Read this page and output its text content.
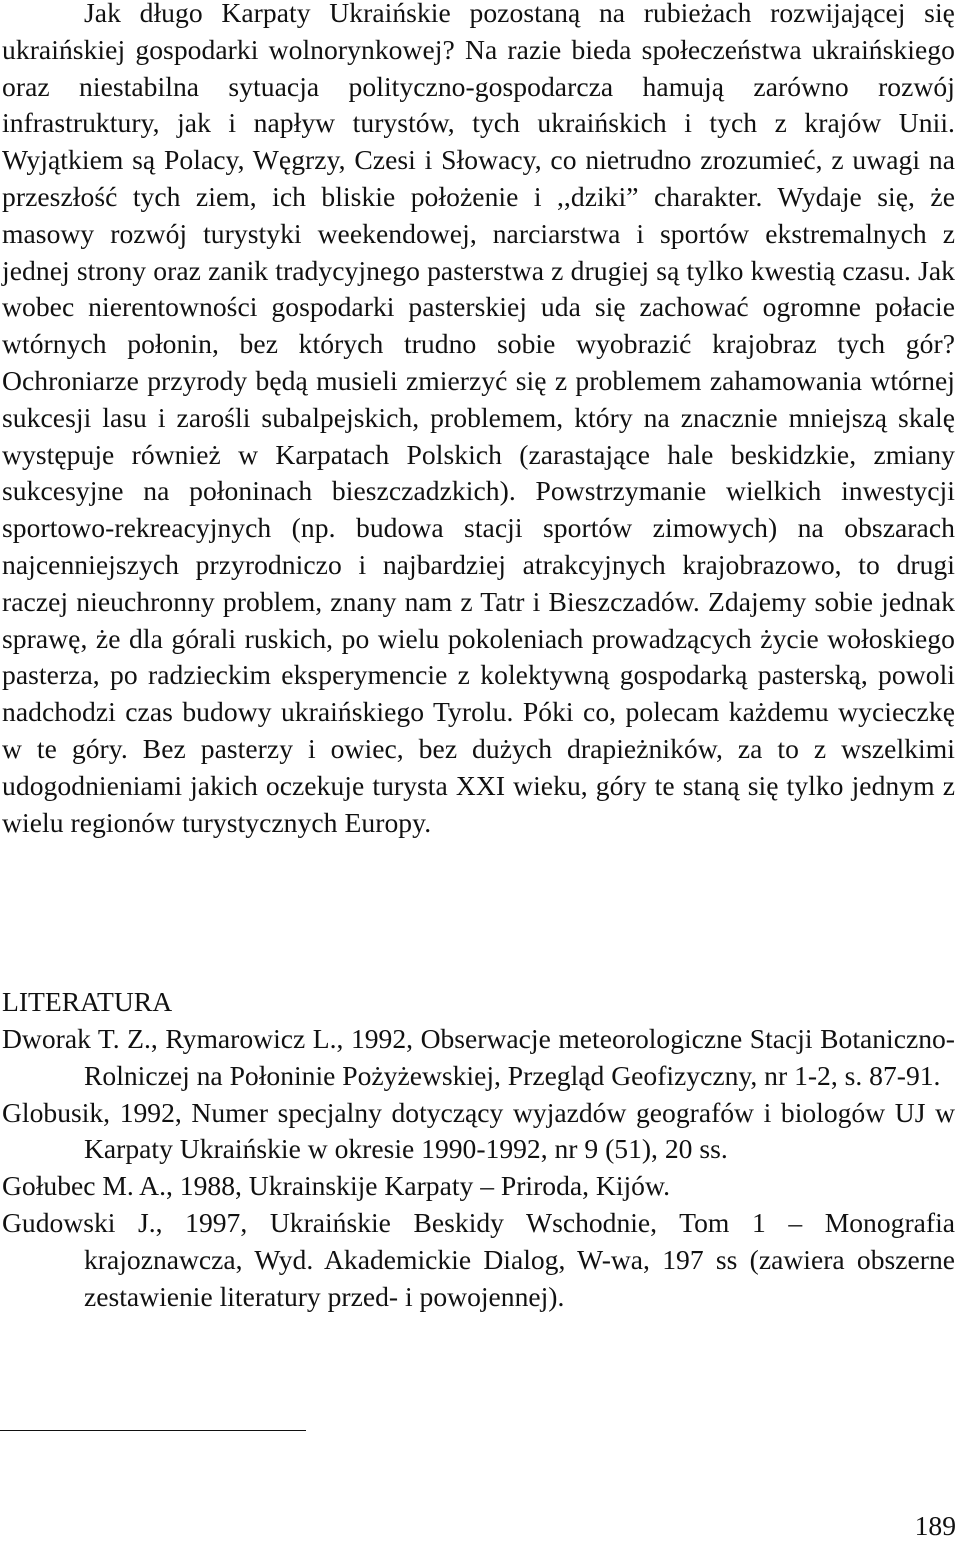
Jak długo Karpaty Ukraińskie pozostaną na rubieżach rozwijającej się ukraińskiej gospodarki wolnorynkowej? Na razie bieda społeczeństwa ukraińskiego oraz niestabilna sytuacja polityczno-gospodarcza hamują zarówno rozwój infrastruktury, jak i napływ turystów, tych ukraińskich i tych z krajów Unii. Wyjątkiem są Polacy, Węgrzy, Czesi i Słowacy, co nietrudno zrozumieć, z uwagi na przeszłość tych ziem, ich bliskie położenie i ,,dziki” charakter. Wydaje się, że masowy rozwój turystyki weekendowej, narciarstwa i sportów ekstremalnych z jednej strony oraz zanik tradycyjnego pasterstwa z drugiej są tylko kwestią czasu. Jak wobec nierentowności gospodarki pasterskiej uda się zachować ogromne połacie wtórnych połonin, bez których trudno sobie wyobrazić krajobraz tych gór? Ochroniarze przyrody będą musieli zmierzyć się z problemem zahamowania wtórnej sukcesji lasu i zarośli subalpejskich, problemem, który na znacznie mniejszą skalę występuje również w Karpatach Polskich (zarastające hale beskidzkie, zmiany sukcesyjne na połoninach bieszczadzkich). Powstrzymanie wielkich inwestycji sportowo-rekreacyjnych (np. budowa stacji sportów zimowych) na obszarach najcenniejszych przyrodniczo i najbardziej atrakcyjnych krajobrazowo, to drugi raczej nieuchronny problem, znany nam z Tatr i Bieszczadów. Zdajemy sobie jednak sprawę, że dla górali ruskich, po wielu pokoleniach prowadzących życie wołoskiego pasterza, po radzieckim eksperymencie z kolektywną gospodarką pasterską, powoli nadchodzi czas budowy ukraińskiego Tyrolu. Póki co, polecam każdemu wycieczkę w te góry. Bez pasterzy i owiec, bez dużych drapieżników, za to z wszelkimi udogodnieniami jakich oczekuje turysta XXI wieku, góry te staną się tylko jednym z wielu regionów turystycznych Europy.

LITERATURA
Dworak T. Z., Rymarowicz L., 1992, Obserwacje meteorologiczne Stacji Botaniczno-Rolniczej na Połoninie Pożyżewskiej, Przegląd Geofizyczny, nr 1-2, s. 87-91.
Globusik, 1992, Numer specjalny dotyczący wyjazdów geografów i biologów UJ w Karpaty Ukraińskie w okresie 1990-1992, nr 9 (51), 20 ss.
Gołubec M. A., 1988, Ukrainskije Karpaty – Priroda, Kijów.
Gudowski J., 1997, Ukraińskie Beskidy Wschodnie, Tom 1 – Monografia krajoznawcza, Wyd. Akademickie Dialog, W-wa, 197 ss (zawiera obszerne zestawienie literatury przed- i powojennej).
189
